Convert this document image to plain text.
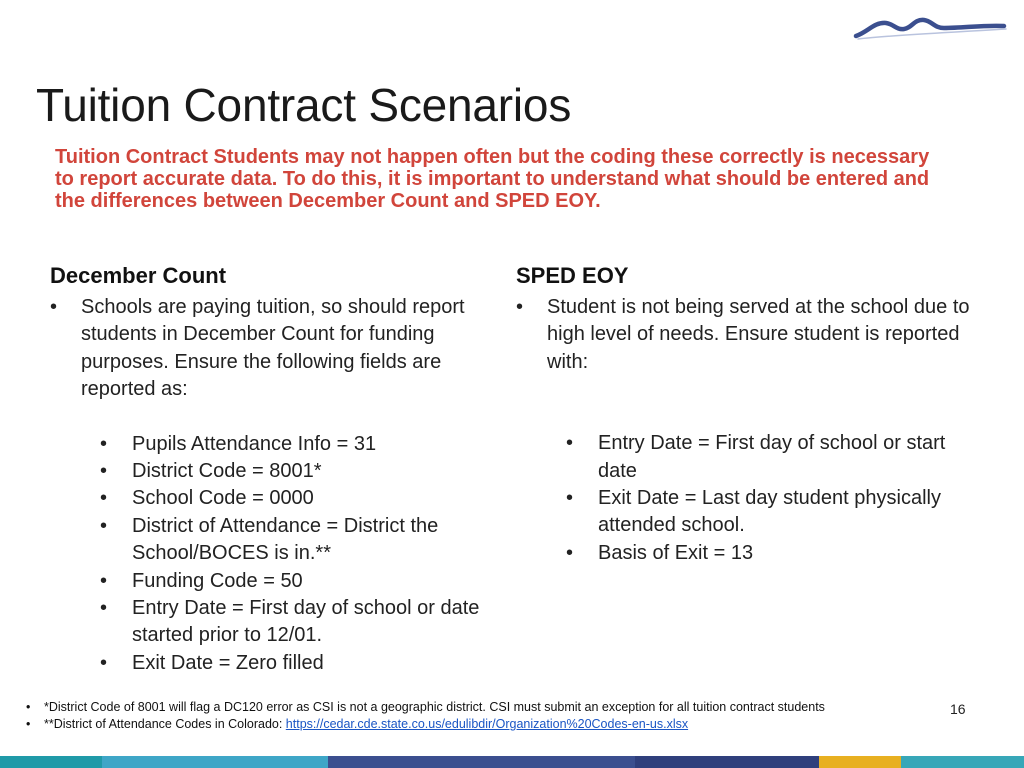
Tuition Contract Scenarios

Tuition Contract Students may not happen often but the coding these correctly is necessary to report accurate data. To do this, it is important to understand what should be entered and the differences between December Count and SPED EOY.

December Count
• Schools are paying tuition, so should report students in December Count for funding purposes. Ensure the following fields are reported as:
• Pupils Attendance Info = 31
• District Code = 8001*
• School Code = 0000
• District of Attendance = District the School/BOCES is in.**
• Funding Code = 50
• Entry Date = First day of school or date started prior to 12/01.
• Exit Date = Zero filled
SPED EOY
• Student is not being served at the school due to high level of needs. Ensure student is reported with:
• Entry Date = First day of school or start date
• Exit Date = Last day student physically attended school.
• Basis of Exit = 13
• *District Code of 8001 will flag a DC120 error as CSI is not a geographic district. CSI must submit an exception for all tuition contract students
• **District of Attendance Codes in Colorado: https://cedar.cde.state.co.us/edulibdir/Organization%20Codes-en-us.xlsx
16
